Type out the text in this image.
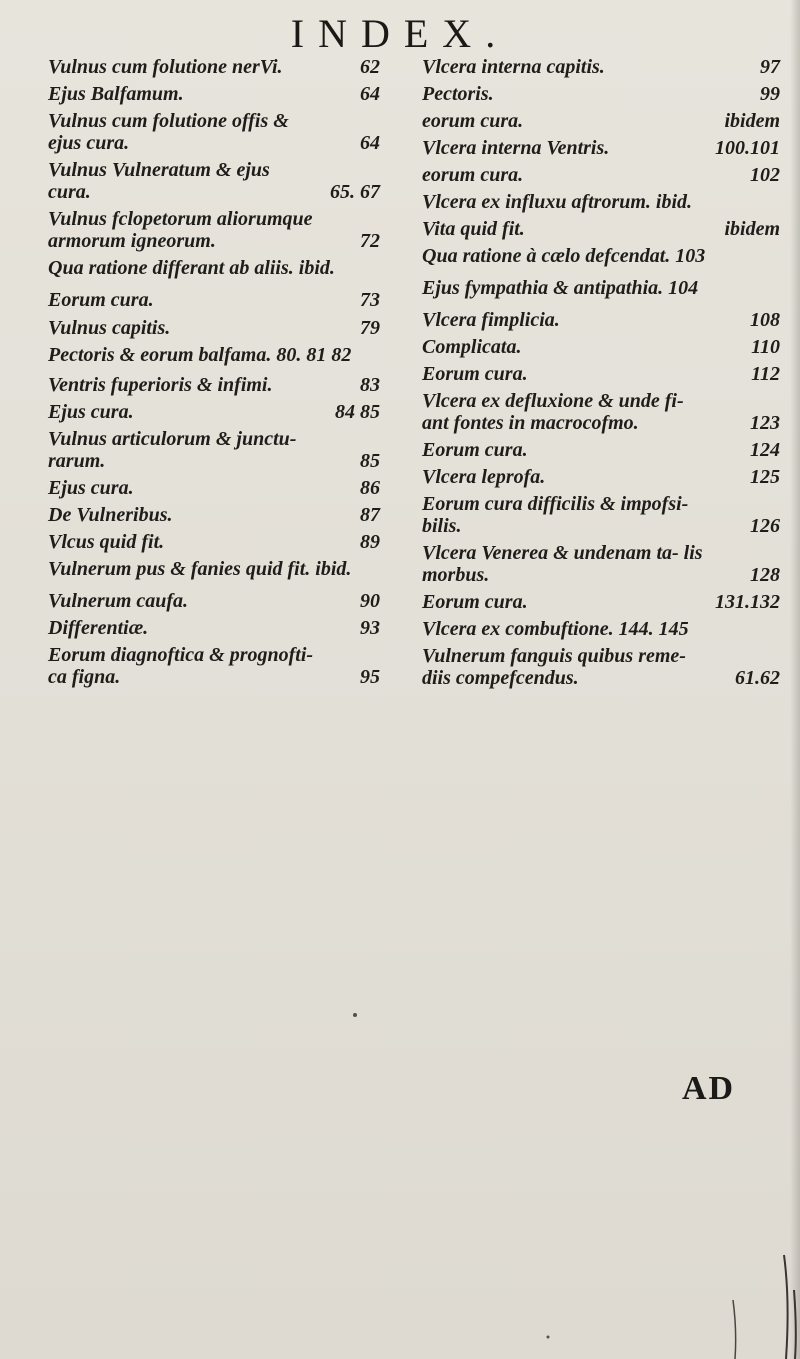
INDEX.
Vulnus cum folutione nerVi.	62
Ejus Balfamum.	64
Vulnus cum folutione offis & ejus cura.	64
Vulnus Vulneratum & ejus cura.	65. 67
Vulnus fclopetorum aliorumque armorum igneorum.	72
Qua ratione differant ab aliis. ibid.
Eorum cura.	73
Vulnus capitis.	79
Pectoris & eorum balfama. 80. 81 82
Ventris fuperioris & infimi.	83
Ejus cura.	84 85
Vulnus articulorum & junctu- rarum.	85
Ejus cura.	86
De Vulneribus.	87
Vlcus quid fit.	89
Vulnerum pus & fanies quid fit. ibid.
Vulnerum caufa.	90
Differentiæ.	93
Eorum diagnoftica & prognofti- ca figna.	95
Vlcera interna capitis.	97
Pectoris.	99
eorum cura.	ibidem
Vlcera interna Ventris.	100.101
eorum cura.	102
Vlcera ex influxu aftrorum. ibid.
Vita quid fit.	ibidem
Qua ratione à cælo defcendat. 103
Ejus fympathia & antipathia. 104
Vlcera fimplicia.	108
Complicata.	110
Eorum cura.	112
Vlcera ex defluxione & unde fi- ant fontes in macrocofmo.	123
Eorum cura.	124
Vlcera leprofa.	125
Eorum cura difficilis & impofsi- bilis.	126
Vlcera Venerea & undenam ta- lis morbus.	128
Eorum cura.	131.132
Vlcera ex combuftione. 144. 145
Vulnerum fanguis quibus reme- diis compefcendus.	61.62
AD
